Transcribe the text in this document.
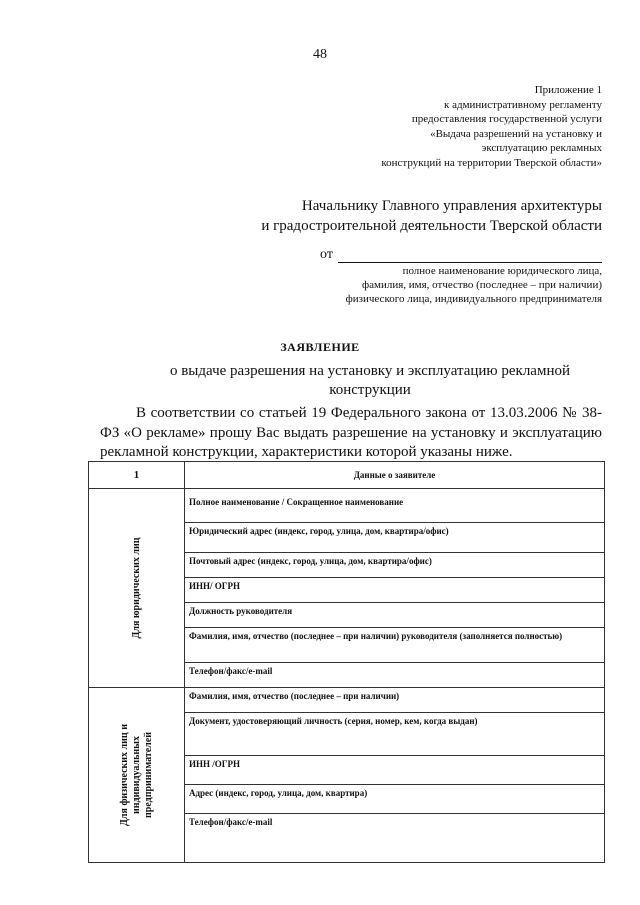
48
Приложение 1
к административному регламенту
предоставления государственной услуги
«Выдача разрешений на установку и
эксплуатацию рекламных
конструкций на территории Тверской области»
Начальнику Главного управления архитектуры
и градостроительной деятельности Тверской области
от
полное наименование юридического лица,
фамилия, имя, отчество (последнее – при наличии)
физического лица, индивидуального предпринимателя
ЗАЯВЛЕНИЕ
о выдаче разрешения на установку и эксплуатацию рекламной конструкции
В соответствии со статьей 19 Федерального закона от 13.03.2006 № 38-ФЗ «О рекламе» прошу Вас выдать разрешение на установку и эксплуатацию рекламной конструкции, характеристики которой указаны ниже.
1	Данные о заявителе

Для юридических лиц	Полное наименование / Сокращенное наименование
	Юридический адрес (индекс, город, улица, дом, квартира/офис)
	Почтовый адрес (индекс, город, улица, дом, квартира/офис)
	ИНН/ ОГРН
	Должность руководителя
	Фамилия, имя, отчество (последнее – при наличии) руководителя (заполняется полностью)
	Телефон/факс/e-mail

Для физических лиц и индивидуальных предпринимателей	Фамилия, имя, отчество (последнее – при наличии)
	Документ, удостоверяющий личность (серия, номер, кем, когда выдан)
	ИНН /ОГРН
	Адрес (индекс, город, улица, дом, квартира)
	Телефон/факс/e-mail
